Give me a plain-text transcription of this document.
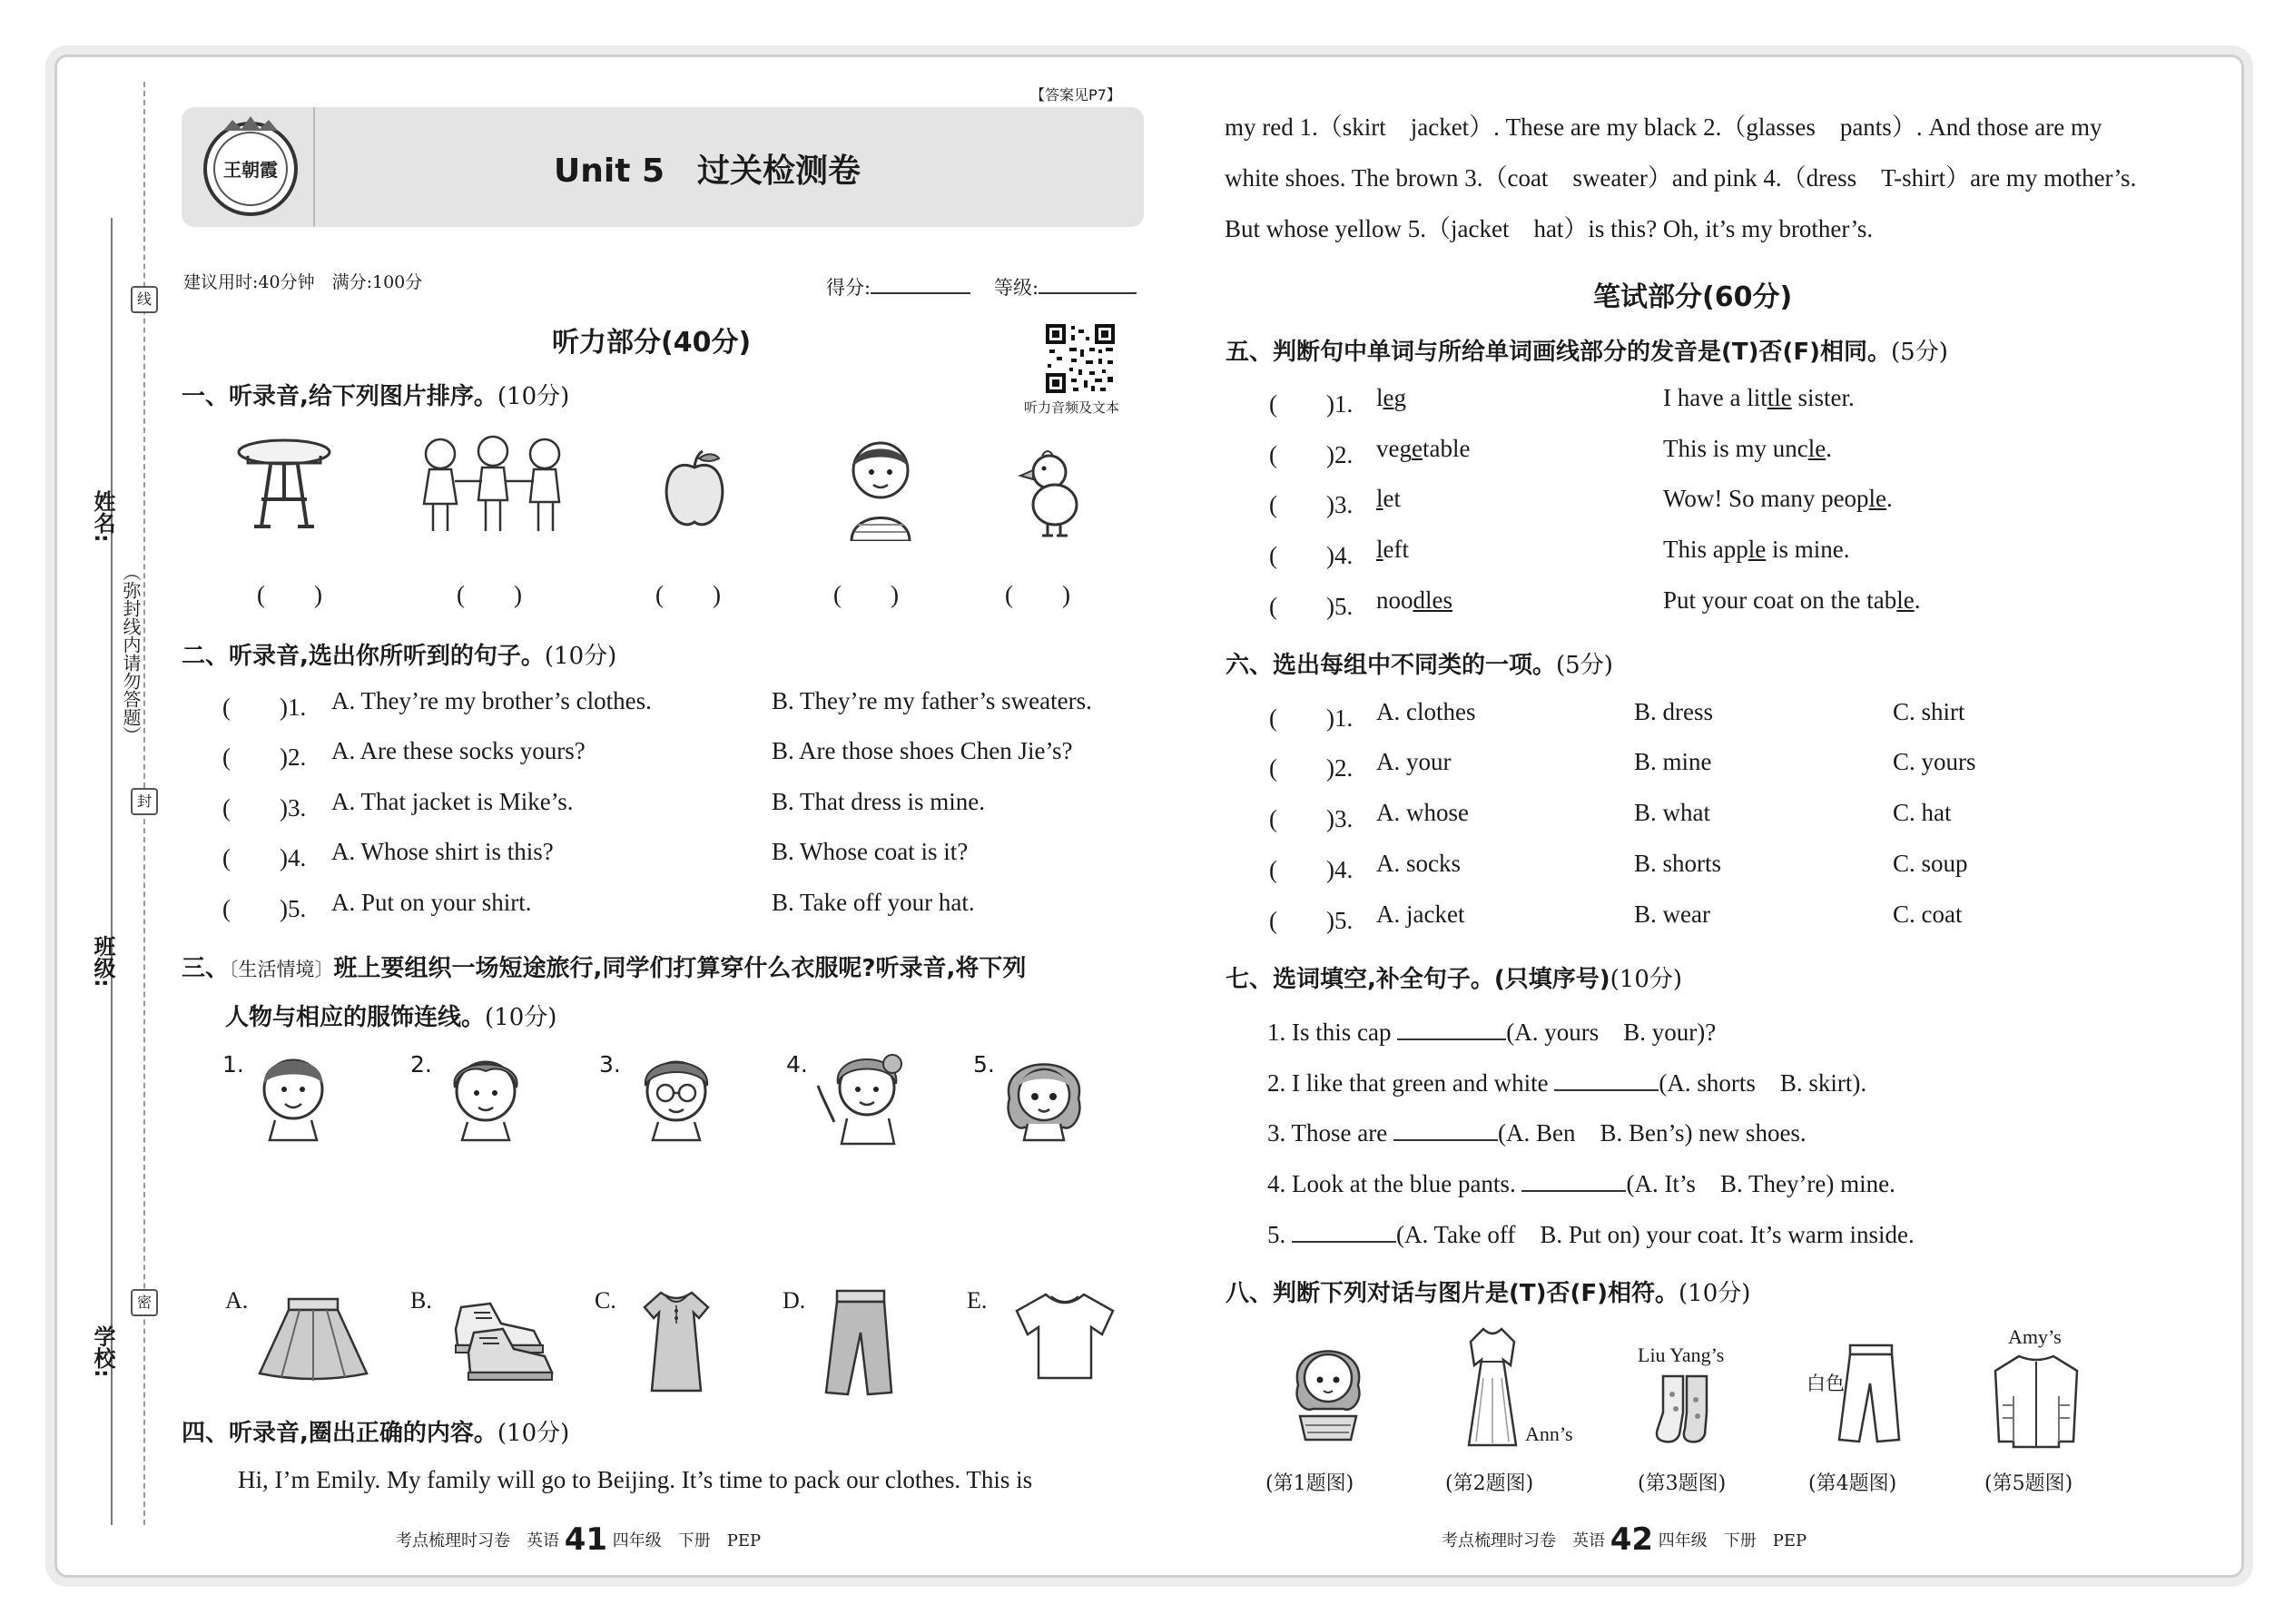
姓名:
班级:
学校:
（弥封线内请勿答题）
线
封
密
【答案见P7】
王朝霞	Unit 5　过关检测卷
建议用时:40分钟　满分:100分	得分:	等级:
听力音频及文本
听力部分(40分)
一、听录音,给下列图片排序。(10分)
(　　)	(　　)	(　　)	(　　)	(　　)
二、听录音,选出你所听到的句子。(10分)
(　　)1. A. They’re my brother’s clothes.	B. They’re my father’s sweaters.
(　　)2. A. Are these socks yours?	B. Are those shoes Chen Jie’s?
(　　)3. A. That jacket is Mike’s.	B. That dress is mine.
(　　)4. A. Whose shirt is this?	B. Whose coat is it?
(　　)5. A. Put on your shirt.	B. Take off your hat.
三、〔生活情境〕班上要组织一场短途旅行,同学们打算穿什么衣服呢?听录音,将下列
人物与相应的服饰连线。(10分)
1.	2.	3.	4.	5.
A.	B.	C.	D.	E.
四、听录音,圈出正确的内容。(10分)
Hi, I’m Emily. My family will go to Beijing. It’s time to pack our clothes. This is
考点梳理时习卷　 英语 41 四年级　 下册　 PEP
my red 1.（skirt　jacket）. These are my black 2.（glasses　pants）. And those are my
white shoes. The brown 3.（coat　sweater）and pink 4.（dress　T-shirt）are my mother’s.
But whose yellow 5.（jacket　hat）is this? Oh, it’s my brother’s.
笔试部分(60分)
五、判断句中单词与所给单词画线部分的发音是(T)否(F)相同。(5分)
(　　)1. leg	I have a little sister.
(　　)2. vegetable	This is my uncle.
(　　)3. let	Wow! So many people.
(　　)4. left	This apple is mine.
(　　)5. noodles	Put your coat on the table.
六、选出每组中不同类的一项。(5分)
(　　)1. A. clothes	B. dress	C. shirt
(　　)2. A. your	B. mine	C. yours
(　　)3. A. whose	B. what	C. hat
(　　)4. A. socks	B. shorts	C. soup
(　　)5. A. jacket	B. wear	C. coat
七、选词填空,补全句子。(只填序号)(10分)
1. Is this cap	(A. yours　B. your)?
2. I like that green and white	(A. shorts　B. skirt).
3. Those are	(A. Ben　B. Ben’s) new shoes.
4. Look at the blue pants.	(A. It’s　B. They’re) mine.
5.	(A. Take off　B. Put on) your coat. It’s warm inside.
八、判断下列对话与图片是(T)否(F)相符。(10分)
Ann’s
Liu Yang’s
白色
Amy’s
(第1题图)	(第2题图)	(第3题图)	(第4题图)	(第5题图)
考点梳理时习卷　 英语 42 四年级　 下册　 PEP
